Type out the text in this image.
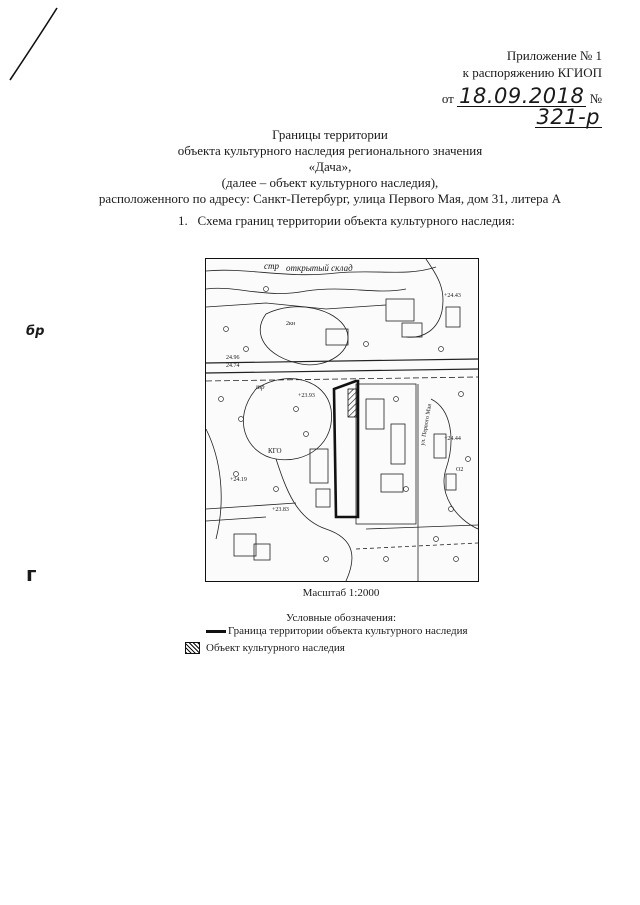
Приложение № 1
к распоряжению КГИОП
от 18.09.2018 № 321-р
Границы территории
объекта культурного наследия регионального значения
«Дача»,
(далее – объект культурного наследия),
расположенного по адресу: Санкт-Петербург, улица Первого Мая, дом 31, литера А
1. Схема границ территории объекта культурного наследия:
бр
г
стр открытый склад
+24.43
2кн
24.96
24.74
тр
+23.93
+24.44
КГО
+24.19
ул. Первого Мая
+23.83
О2
Масштаб 1:2000
Условные обозначения:
Граница территории объекта культурного наследия
Объект культурного наследия
